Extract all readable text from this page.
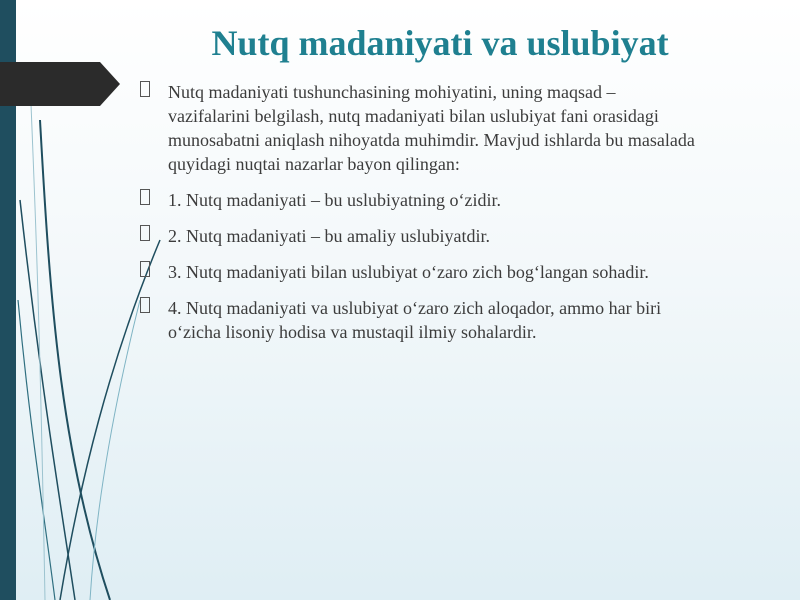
Nutq madaniyati va uslubiyat
Nutq madaniyati tushunchasining mohiyatini, uning maqsad – vazifalarini belgilash, nutq madaniyati bilan uslubiyat fani orasidagi munosabatni aniqlash nihoyatda muhimdir. Mavjud ishlarda bu masalada quyidagi nuqtai nazarlar bayon qilingan:
1. Nutq madaniyati – bu uslubiyatning oʻzidir.
2. Nutq madaniyati – bu amaliy uslubiyatdir.
3. Nutq madaniyati bilan uslubiyat oʻzaro zich bogʻlangan sohadir.
4. Nutq madaniyati va uslubiyat oʻzaro zich aloqador, ammo har biri oʻzicha lisoniy hodisa va mustaqil ilmiy sohalardir.
